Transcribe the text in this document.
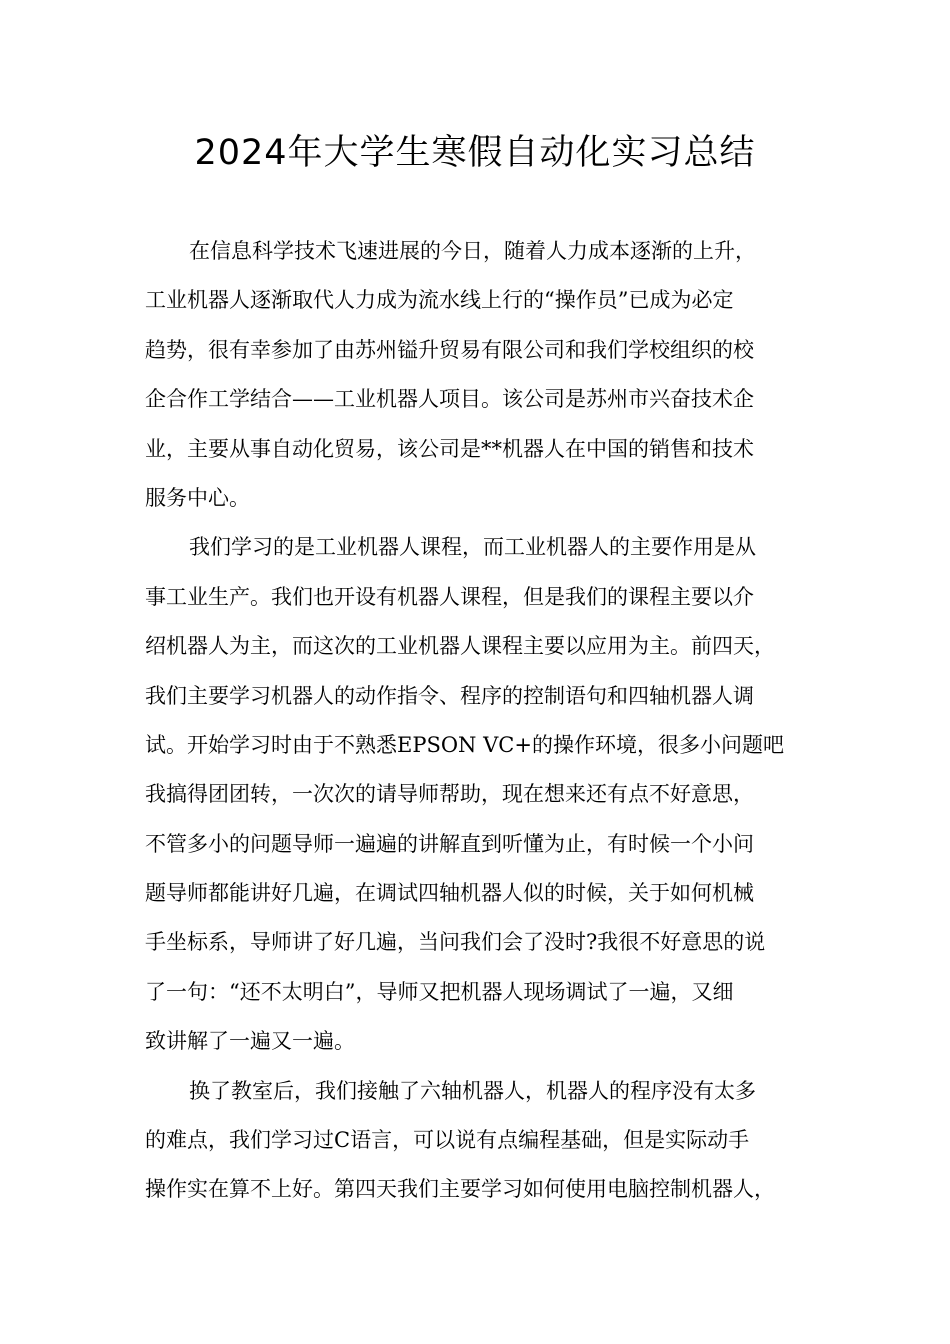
2024年大学生寒假自动化实习总结
在信息科学技术飞速进展的今日，随着人力成本逐渐的上升，
工业机器人逐渐取代人力成为流水线上行的“操作员”已成为必定
趋势，很有幸参加了由苏州镒升贸易有限公司和我们学校组织的校
企合作工学结合——工业机器人项目。该公司是苏州市兴奋技术企
业，主要从事自动化贸易，该公司是**机器人在中国的销售和技术
服务中心。
我们学习的是工业机器人课程，而工业机器人的主要作用是从
事工业生产。我们也开设有机器人课程，但是我们的课程主要以介
绍机器人为主，而这次的工业机器人课程主要以应用为主。前四天，
我们主要学习机器人的动作指令、程序的控制语句和四轴机器人调
试。开始学习时由于不熟悉EPSON VC+的操作环境，很多小问题吧
我搞得团团转，一次次的请导师帮助，现在想来还有点不好意思，
不管多小的问题导师一遍遍的讲解直到听懂为止，有时候一个小问
题导师都能讲好几遍，在调试四轴机器人似的时候，关于如何机械
手坐标系，导师讲了好几遍，当问我们会了没时?我很不好意思的说
了一句：“还不太明白”，导师又把机器人现场调试了一遍，又细
致讲解了一遍又一遍。
换了教室后，我们接触了六轴机器人，机器人的程序没有太多
的难点，我们学习过C语言，可以说有点编程基础，但是实际动手
操作实在算不上好。第四天我们主要学习如何使用电脑控制机器人，
